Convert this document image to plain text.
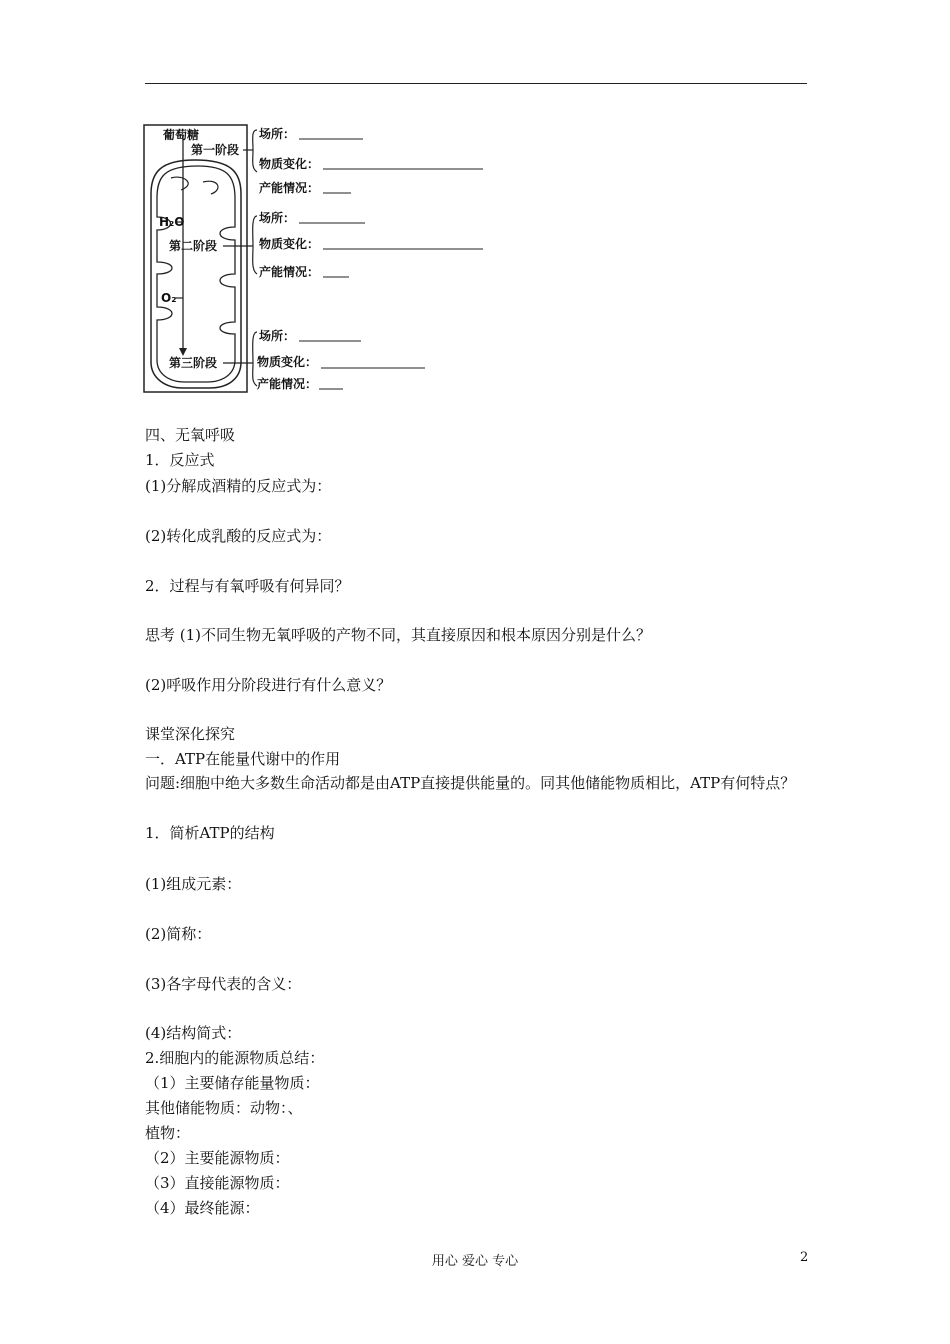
葡萄糖
第一阶段
H₂O
第二阶段
O₂
第三阶段
场所：
物质变化：
产能情况：
场所：
物质变化：
产能情况：
场所：
物质变化：
产能情况：
四、无氧呼吸
1．反应式
(1)分解成酒精的反应式为：
(2)转化成乳酸的反应式为：
2．过程与有氧呼吸有何异同？
思考 (1)不同生物无氧呼吸的产物不同，其直接原因和根本原因分别是什么？
(2)呼吸作用分阶段进行有什么意义？
课堂深化探究
一．ATP在能量代谢中的作用
问题:细胞中绝大多数生命活动都是由ATP直接提供能量的。同其他储能物质相比，ATP有何特点？
1．简析ATP的结构
(1)组成元素：
(2)简称：
(3)各字母代表的含义：
(4)结构简式：
2.细胞内的能源物质总结：
（1）主要储存能量物质：
其他储能物质：动物：、
植物：
（2）主要能源物质：
（3）直接能源物质：
（4）最终能源：
用心 爱心 专心	2
